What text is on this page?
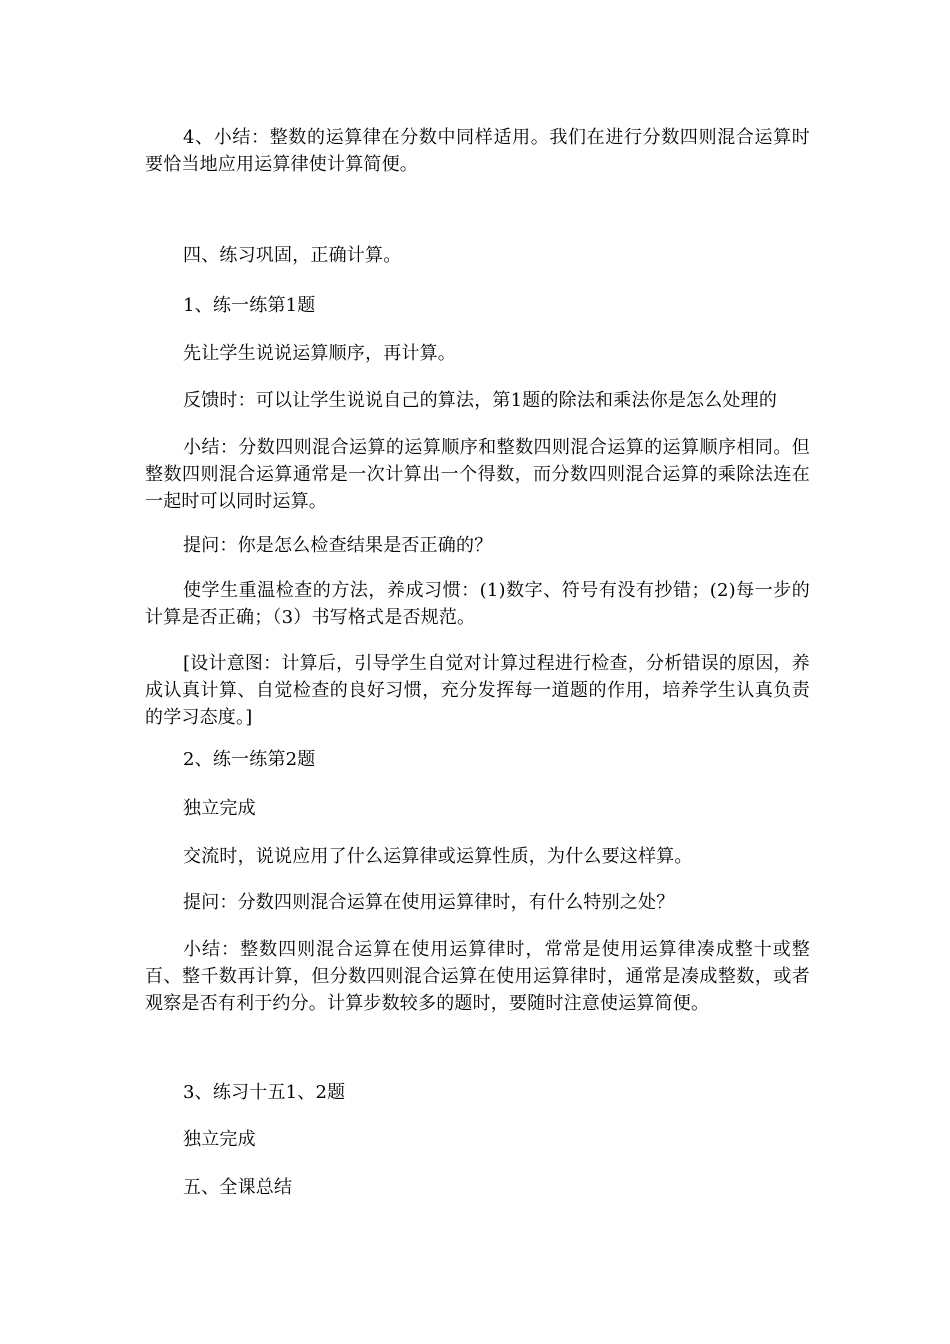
4、小结：整数的运算律在分数中同样适用。我们在进行分数四则混合运算时要恰当地应用运算律使计算简便。

四、练习巩固，正确计算。

1、练一练第1题

先让学生说说运算顺序，再计算。

反馈时：可以让学生说说自己的算法，第1题的除法和乘法你是怎么处理的

小结：分数四则混合运算的运算顺序和整数四则混合运算的运算顺序相同。但整数四则混合运算通常是一次计算出一个得数，而分数四则混合运算的乘除法连在一起时可以同时运算。

提问：你是怎么检查结果是否正确的？

使学生重温检查的方法，养成习惯：(1)数字、符号有没有抄错；(2)每一步的计算是否正确；（3）书写格式是否规范。

[设计意图：计算后，引导学生自觉对计算过程进行检查，分析错误的原因，养成认真计算、自觉检查的良好习惯，充分发挥每一道题的作用，培养学生认真负责的学习态度。]

2、练一练第2题

独立完成

交流时，说说应用了什么运算律或运算性质，为什么要这样算。

提问：分数四则混合运算在使用运算律时，有什么特别之处？

小结：整数四则混合运算在使用运算律时，常常是使用运算律凑成整十或整百、整千数再计算，但分数四则混合运算在使用运算律时，通常是凑成整数，或者观察是否有利于约分。计算步数较多的题时，要随时注意使运算简便。

3、练习十五1、2题

独立完成

五、全课总结
